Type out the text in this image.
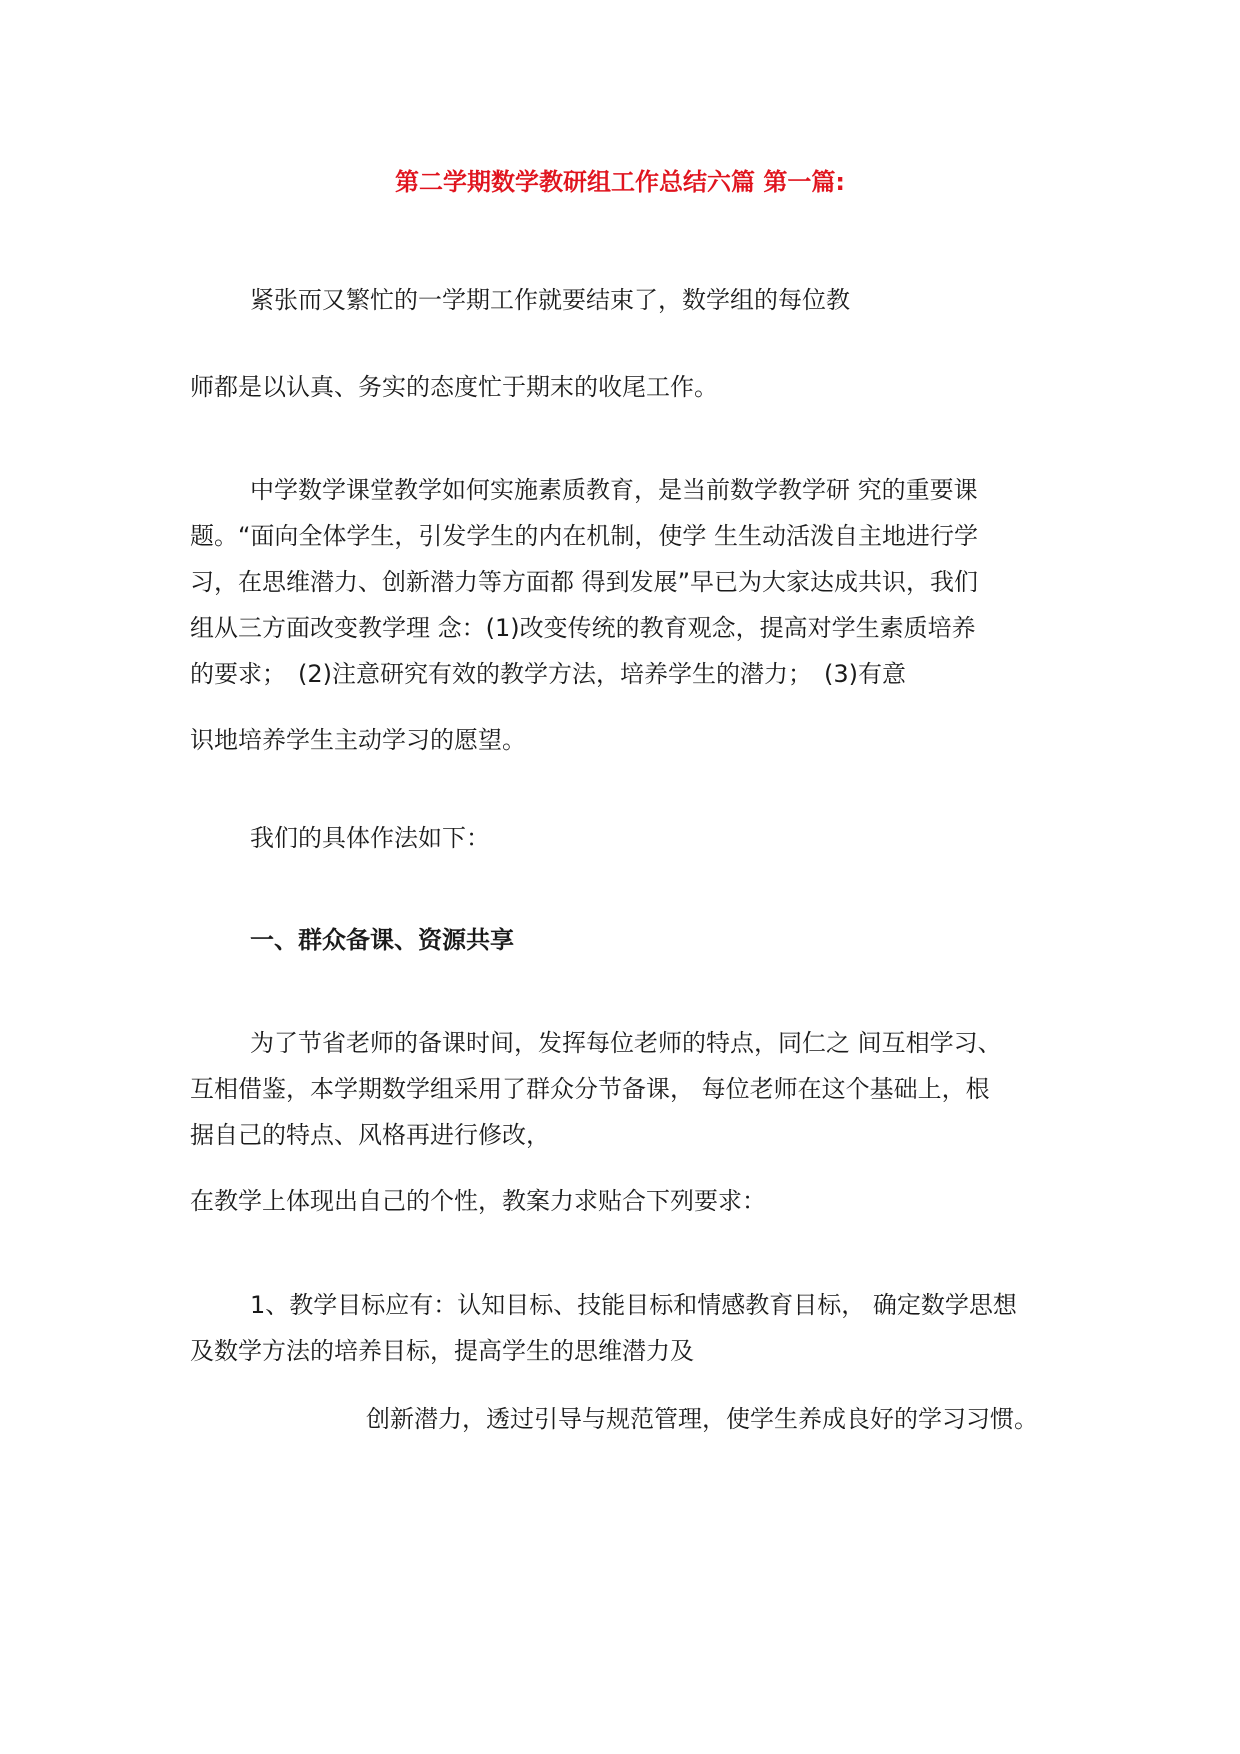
第二学期数学教研组工作总结六篇 第一篇:
紧张而又繁忙的一学期工作就要结束了，数学组的每位教
师都是以认真、务实的态度忙于期末的收尾工作。
中学数学课堂教学如何实施素质教育，是当前数学教学研 究的重要课
题。“面向全体学生，引发学生的内在机制，使学 生生动活泼自主地进行学
习，在思维潜力、创新潜力等方面都 得到发展”早已为大家达成共识，我们
组从三方面改变教学理 念：(1)改变传统的教育观念，提高对学生素质培养
的要求；　(2)注意研究有效的教学方法，培养学生的潜力；　(3)有意
识地培养学生主动学习的愿望。
我们的具体作法如下：
一、群众备课、资源共享
为了节省老师的备课时间，发挥每位老师的特点，同仁之 间互相学习、
互相借鉴，本学期数学组采用了群众分节备课， 每位老师在这个基础上，根
据自己的特点、风格再进行修改，
在教学上体现出自己的个性，教案力求贴合下列要求：
1、教学目标应有：认知目标、技能目标和情感教育目标， 确定数学思想
及数学方法的培养目标，提高学生的思维潜力及
创新潜力，透过引导与规范管理，使学生养成良好的学习习惯。
